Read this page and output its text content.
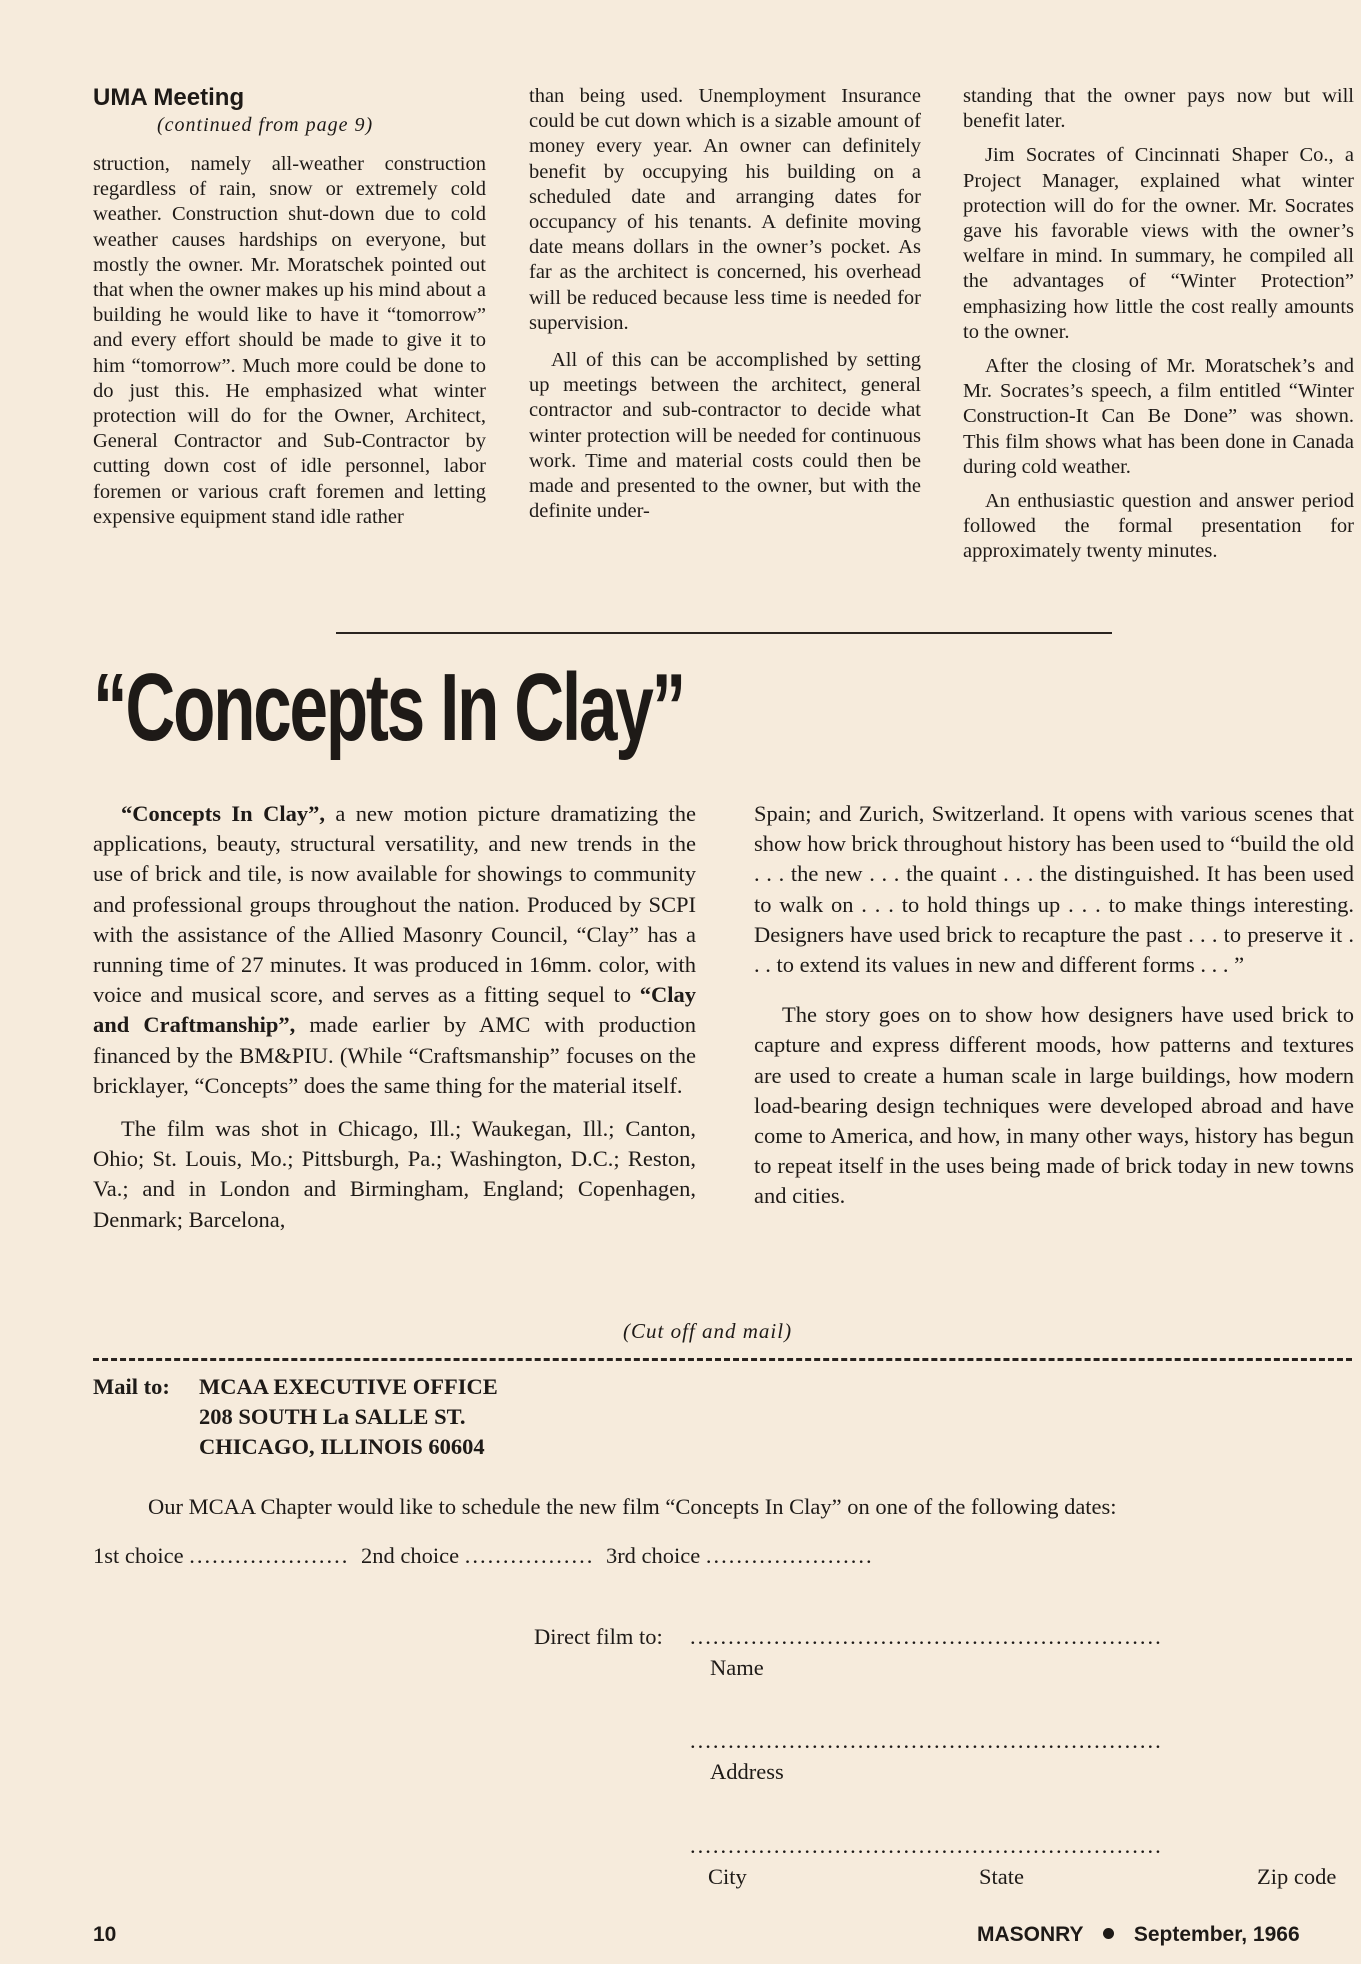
UMA Meeting
(continued from page 9)

struction, namely all-weather construction regardless of rain, snow or extremely cold weather. Construction shut-down due to cold weather causes hardships on everyone, but mostly the owner. Mr. Moratschek pointed out that when the owner makes up his mind about a building he would like to have it “tomorrow” and every effort should be made to give it to him “tomorrow”. Much more could be done to do just this. He emphasized what winter protection will do for the Owner, Architect, General Contractor and Sub-Contractor by cutting down cost of idle personnel, labor foremen or various craft foremen and letting expensive equipment stand idle rather

than being used. Unemployment Insurance could be cut down which is a sizable amount of money every year. An owner can definitely benefit by occupying his building on a scheduled date and arranging dates for occupancy of his tenants. A definite moving date means dollars in the owner’s pocket. As far as the architect is concerned, his overhead will be reduced because less time is needed for supervision.

All of this can be accomplished by setting up meetings between the architect, general contractor and sub-contractor to decide what winter protection will be needed for continuous work. Time and material costs could then be made and presented to the owner, but with the definite under-

standing that the owner pays now but will benefit later.

Jim Socrates of Cincinnati Shaper Co., a Project Manager, explained what winter protection will do for the owner. Mr. Socrates gave his favorable views with the owner’s welfare in mind. In summary, he compiled all the advantages of “Winter Protection” emphasizing how little the cost really amounts to the owner.

After the closing of Mr. Moratschek’s and Mr. Socrates’s speech, a film entitled “Winter Construction-It Can Be Done” was shown. This film shows what has been done in Canada during cold weather.

An enthusiastic question and answer period followed the formal presentation for approximately twenty minutes.

“Concepts In Clay”

“Concepts In Clay”, a new motion picture dramatizing the applications, beauty, structural versatility, and new trends in the use of brick and tile, is now available for showings to community and professional groups throughout the nation. Produced by SCPI with the assistance of the Allied Masonry Council, “Clay” has a running time of 27 minutes. It was produced in 16mm. color, with voice and musical score, and serves as a fitting sequel to “Clay and Craftmanship”, made earlier by AMC with production financed by the BM&PIU. (While “Craftsmanship” focuses on the bricklayer, “Concepts” does the same thing for the material itself.

The film was shot in Chicago, Ill.; Waukegan, Ill.; Canton, Ohio; St. Louis, Mo.; Pittsburgh, Pa.; Washington, D.C.; Reston, Va.; and in London and Birmingham, England; Copenhagen, Denmark; Barcelona,

Spain; and Zurich, Switzerland. It opens with various scenes that show how brick throughout history has been used to “build the old . . . the new . . . the quaint . . . the distinguished. It has been used to walk on . . . to hold things up . . . to make things interesting. Designers have used brick to recapture the past . . . to preserve it . . . to extend its values in new and different forms . . . ”

The story goes on to show how designers have used brick to capture and express different moods, how patterns and textures are used to create a human scale in large buildings, how modern load-bearing design techniques were developed abroad and have come to America, and how, in many other ways, history has begun to repeat itself in the uses being made of brick today in new towns and cities.

(Cut off and mail)
Mail to: MCAA EXECUTIVE OFFICE
208 SOUTH La SALLE ST.
CHICAGO, ILLINOIS 60604
Our MCAA Chapter would like to schedule the new film “Concepts In Clay” on one of the following dates:
1st choice ..................... 2nd choice ................. 3rd choice ......................
Direct film to: ..............................................................
Name
..............................................................
Address
..............................................................
City	State	Zip code
10	MASONRY September, 1966
